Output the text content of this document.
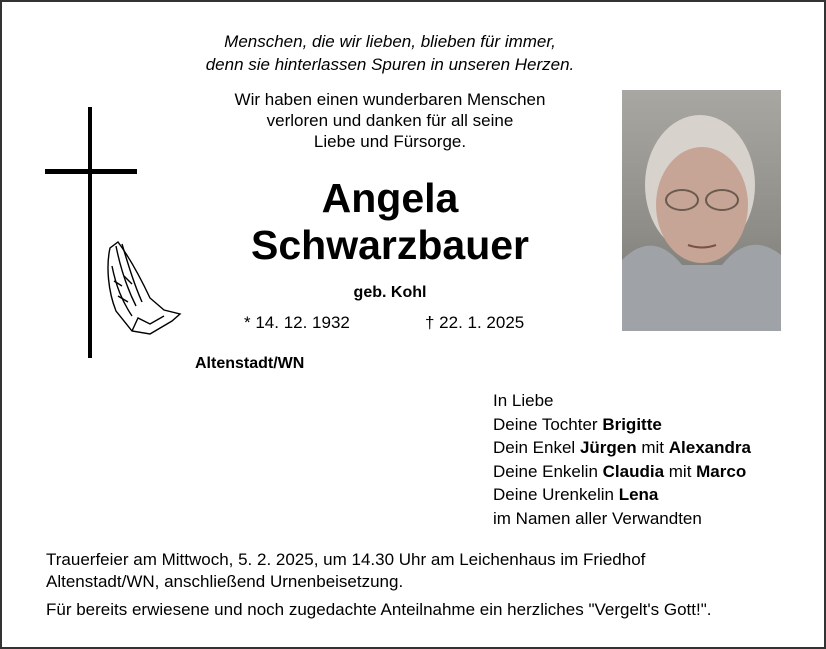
Menschen, die wir lieben, blieben für immer,
denn sie hinterlassen Spuren in unseren Herzen.
Wir haben einen wunderbaren Menschen
verloren und danken für all seine
Liebe und Fürsorge.
Angela
Schwarzbauer
geb. Kohl
* 14. 12. 1932	† 22. 1. 2025
Altenstadt/WN
In Liebe
Deine Tochter Brigitte
Dein Enkel Jürgen mit Alexandra
Deine Enkelin Claudia mit Marco
Deine Urenkelin Lena
im Namen aller Verwandten

Trauerfeier am Mittwoch, 5. 2. 2025, um 14.30 Uhr am Leichenhaus im Friedhof
Altenstadt/WN, anschließend Urnenbeisetzung.

Für bereits erwiesene und noch zugedachte Anteilnahme ein herzliches "Vergelt's Gott!".
